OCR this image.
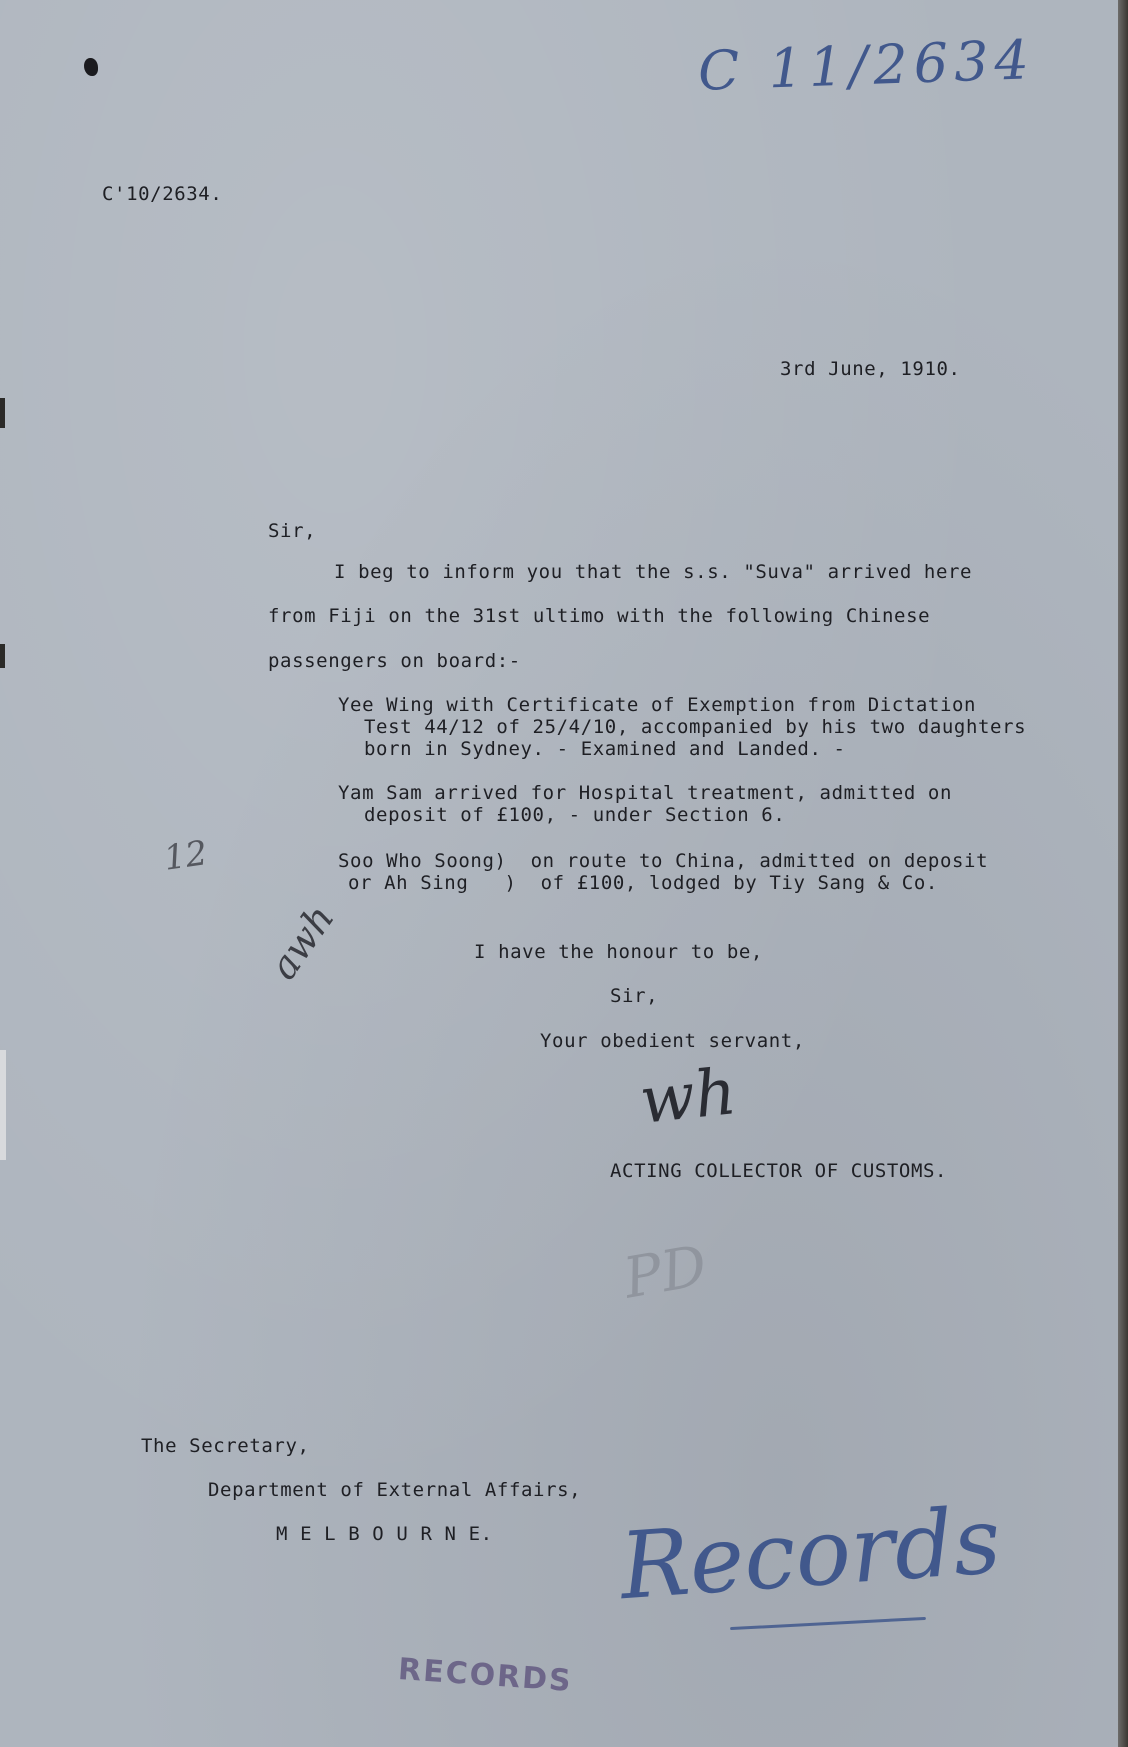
C 11/2634
C'10/2634.
3rd June, 1910.
Sir,
I beg to inform you that the s.s. "Suva" arrived here
from Fiji on the 31st ultimo with the following Chinese
passengers on board:-
Yee Wing with Certificate of Exemption from Dictation
Test 44/12 of 25/4/10, accompanied by his two daughters
born in Sydney. - Examined and Landed. -
Yam Sam arrived for Hospital treatment, admitted on
deposit of £100, - under Section 6.
Soo Who Soong)  on route to China, admitted on deposit
or Ah Sing   )  of £100, lodged by Tiy Sang & Co.
12
awh	I have the honour to be,
Sir,
Your obedient servant,
wh
ACTING COLLECTOR OF CUSTOMS.
PD
The Secretary,
Department of External Affairs,
M E L B O U R N E. Records
RECORDS
